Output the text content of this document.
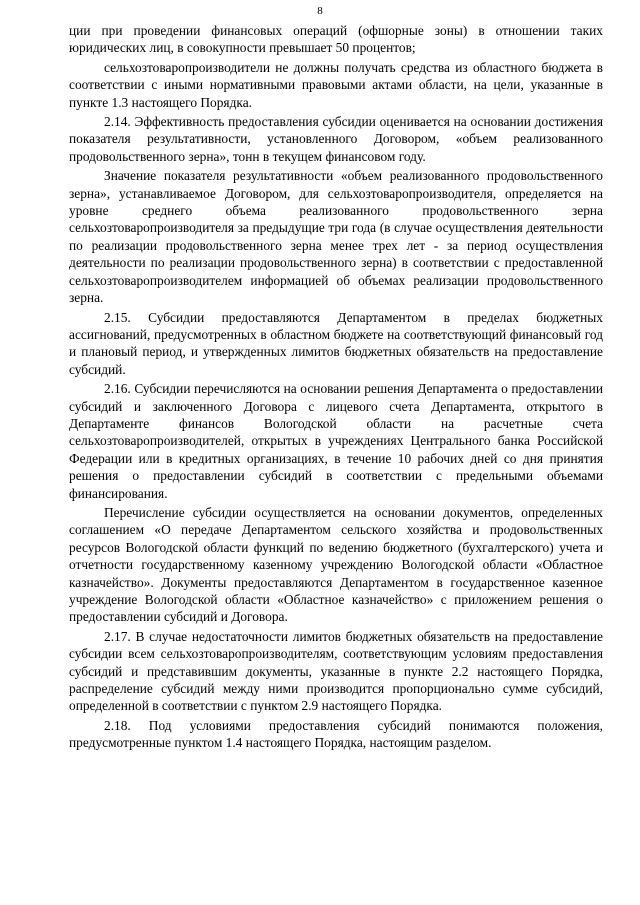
8

ции при проведении финансовых операций (офшорные зоны) в отношении таких юридических лиц, в совокупности превышает 50 процентов;

сельхозтоваропроизводители не должны получать средства из областного бюджета в соответствии с иными нормативными правовыми актами области, на цели, указанные в пункте 1.3 настоящего Порядка.

2.14. Эффективность предоставления субсидии оценивается на основании достижения показателя результативности, установленного Договором, «объем реализованного продовольственного зерна», тонн в текущем финансовом году.

Значение показателя результативности «объем реализованного продовольственного зерна», устанавливаемое Договором, для сельхозтоваропроизводителя, определяется на уровне среднего объема реализованного продовольственного зерна сельхозтоваропроизводителя за предыдущие три года (в случае осуществления деятельности по реализации продовольственного зерна менее трех лет - за период осуществления деятельности по реализации продовольственного зерна) в соответствии с предоставленной сельхозтоваропроизводителем информацией об объемах реализации продовольственного зерна.

2.15. Субсидии предоставляются Департаментом в пределах бюджетных ассигнований, предусмотренных в областном бюджете на соответствующий финансовый год и плановый период, и утвержденных лимитов бюджетных обязательств на предоставление субсидий.

2.16. Субсидии перечисляются на основании решения Департамента о предоставлении субсидий и заключенного Договора с лицевого счета Департамента, открытого в Департаменте финансов Вологодской области на расчетные счета сельхозтоваропроизводителей, открытых в учреждениях Центрального банка Российской Федерации или в кредитных организациях, в течение 10 рабочих дней со дня принятия решения о предоставлении субсидий в соответствии с предельными объемами финансирования.

Перечисление субсидии осуществляется на основании документов, определенных соглашением «О передаче Департаментом сельского хозяйства и продовольственных ресурсов Вологодской области функций по ведению бюджетного (бухгалтерского) учета и отчетности государственному казенному учреждению Вологодской области «Областное казначейство». Документы предоставляются Департаментом в государственное казенное учреждение Вологодской области «Областное казначейство» с приложением решения о предоставлении субсидий и Договора.

2.17. В случае недостаточности лимитов бюджетных обязательств на предоставление субсидии всем сельхозтоваропроизводителям, соответствующим условиям предоставления субсидий и представившим документы, указанные в пункте 2.2 настоящего Порядка, распределение субсидий между ними производится пропорционально сумме субсидий, определенной в соответствии с пунктом 2.9 настоящего Порядка.

2.18. Под условиями предоставления субсидий понимаются положения, предусмотренные пунктом 1.4 настоящего Порядка, настоящим разделом.
